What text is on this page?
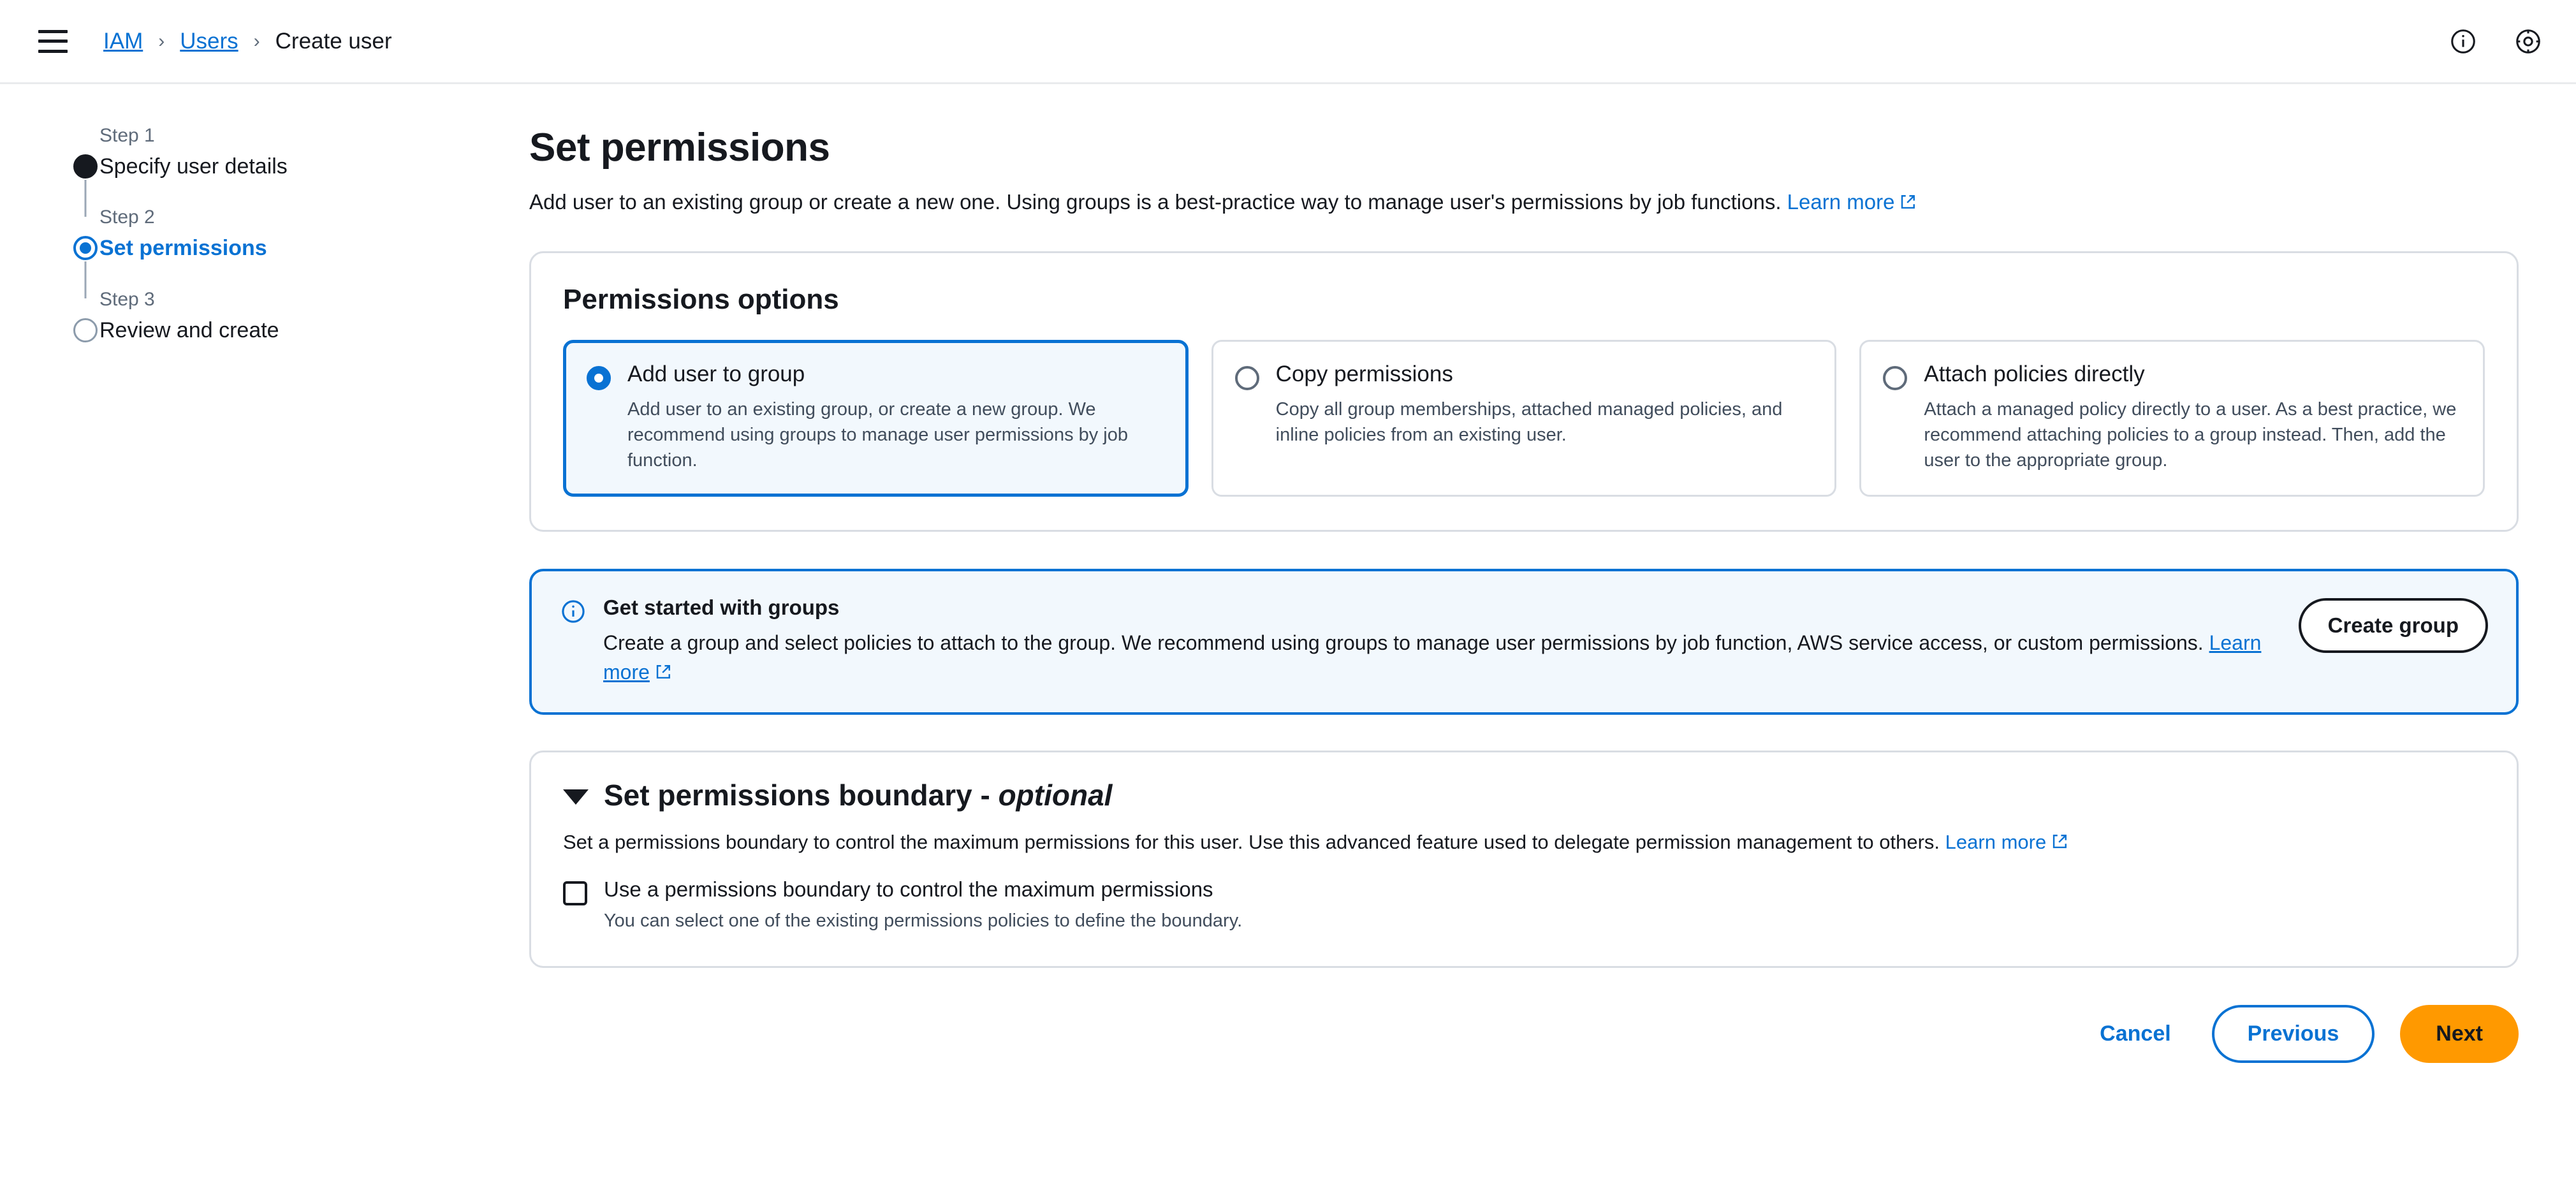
IAM › Users › Create user
Step 1
Specify user details
Step 2
Set permissions
Step 3
Review and create
Set permissions
Add user to an existing group or create a new one. Using groups is a best-practice way to manage user's permissions by job functions. Learn more
Permissions options
Add user to group
Add user to an existing group, or create a new group. We recommend using groups to manage user permissions by job function.
Copy permissions
Copy all group memberships, attached managed policies, and inline policies from an existing user.
Attach policies directly
Attach a managed policy directly to a user. As a best practice, we recommend attaching policies to a group instead. Then, add the user to the appropriate group.
Get started with groups
Create a group and select policies to attach to the group. We recommend using groups to manage user permissions by job function, AWS service access, or custom permissions. Learn more
Create group
Set permissions boundary - optional
Set a permissions boundary to control the maximum permissions for this user. Use this advanced feature used to delegate permission management to others. Learn more
Use a permissions boundary to control the maximum permissions
You can select one of the existing permissions policies to define the boundary.
Cancel	Previous	Next
